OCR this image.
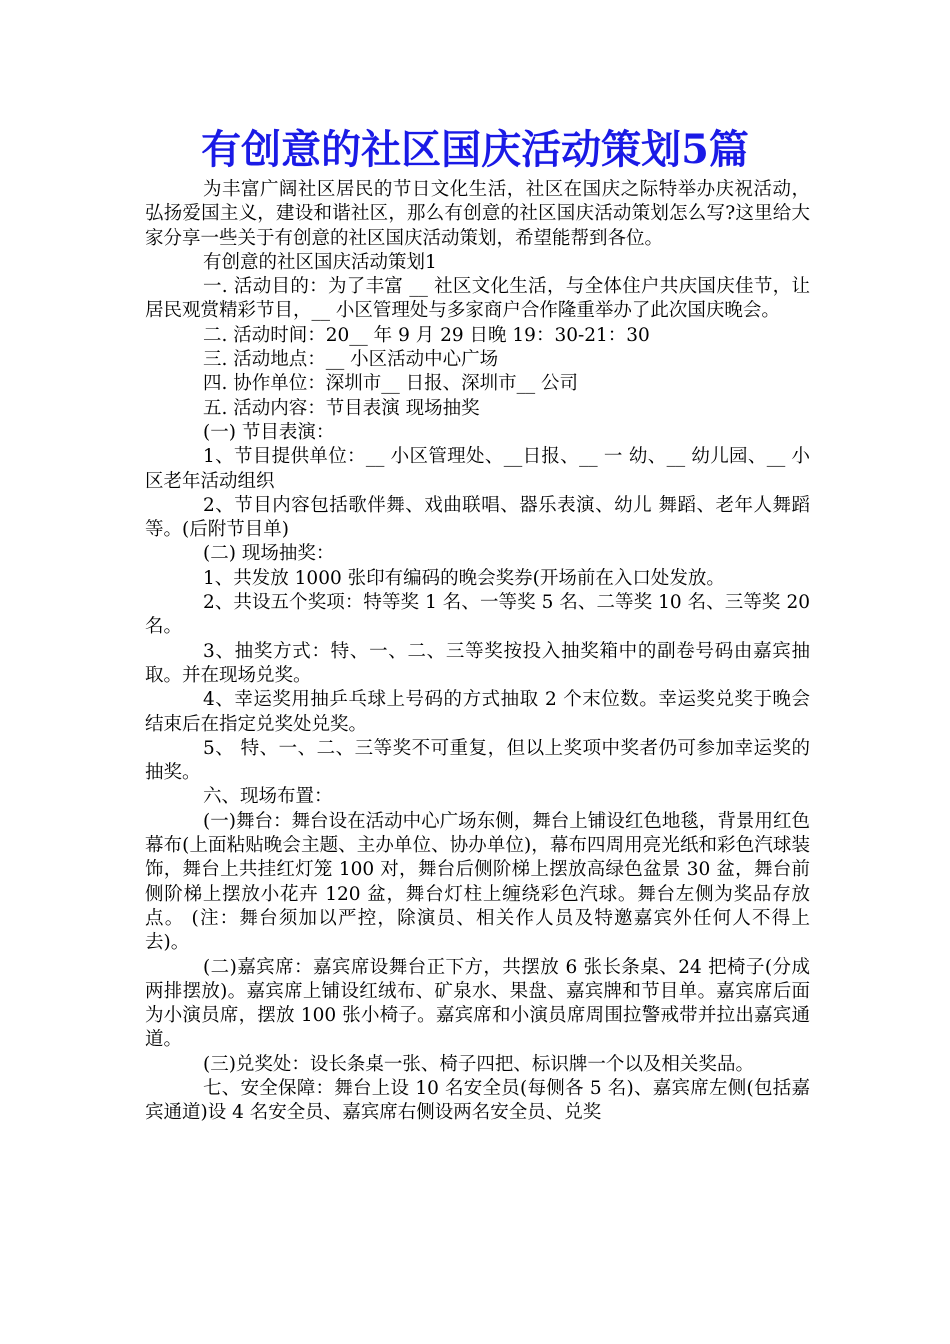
有创意的社区国庆活动策划5篇

为丰富广阔社区居民的节日文化生活，社区在国庆之际特举办庆祝活动，弘扬爱国主义，建设和谐社区，那么有创意的社区国庆活动策划怎么写?这里给大家分享一些关于有创意的社区国庆活动策划，希望能帮到各位。

有创意的社区国庆活动策划1

一. 活动目的：为了丰富 __ 社区文化生活，与全体住户共庆国庆佳节，让居民观赏精彩节目，__ 小区管理处与多家商户合作隆重举办了此次国庆晚会。

二. 活动时间：20__ 年 9 月 29 日晚 19：30-21：30

三. 活动地点：__ 小区活动中心广场

四. 协作单位：深圳市__ 日报、深圳市__ 公司

五. 活动内容：节目表演 现场抽奖

(一) 节目表演：

1、节目提供单位：__ 小区管理处、__日报、__ 一 幼、__ 幼儿园、__ 小区老年活动组织

2、节目内容包括歌伴舞、戏曲联唱、器乐表演、幼儿 舞蹈、老年人舞蹈等。(后附节目单)

(二) 现场抽奖：

1、共发放 1000 张印有编码的晚会奖券(开场前在入口处发放。

2、共设五个奖项：特等奖 1 名、一等奖 5 名、二等奖 10 名、三等奖 20 名。

3、抽奖方式：特、一、二、三等奖按投入抽奖箱中的副卷号码由嘉宾抽取。并在现场兑奖。

4、幸运奖用抽乒乓球上号码的方式抽取 2 个末位数。幸运奖兑奖于晚会结束后在指定兑奖处兑奖。

5、 特、一、二、三等奖不可重复，但以上奖项中奖者仍可参加幸运奖的抽奖。

六、现场布置：

(一)舞台：舞台设在活动中心广场东侧，舞台上铺设红色地毯，背景用红色幕布(上面粘贴晚会主题、主办单位、协办单位)，幕布四周用亮光纸和彩色汽球装饰，舞台上共挂红灯笼 100 对，舞台后侧阶梯上摆放高绿色盆景 30 盆，舞台前侧阶梯上摆放小花卉 120 盆，舞台灯柱上缠绕彩色汽球。舞台左侧为奖品存放点。 (注：舞台须加以严控，除演员、相关作人员及特邀嘉宾外任何人不得上去)。

(二)嘉宾席：嘉宾席设舞台正下方，共摆放 6 张长条桌、24 把椅子(分成两排摆放)。嘉宾席上铺设红绒布、矿泉水、果盘、嘉宾牌和节目单。嘉宾席后面为小演员席，摆放 100 张小椅子。嘉宾席和小演员席周围拉警戒带并拉出嘉宾通道。

(三)兑奖处：设长条桌一张、椅子四把、标识牌一个以及相关奖品。

七、安全保障：舞台上设 10 名安全员(每侧各 5 名)、嘉宾席左侧(包括嘉宾通道)设 4 名安全员、嘉宾席右侧设两名安全员、兑奖
